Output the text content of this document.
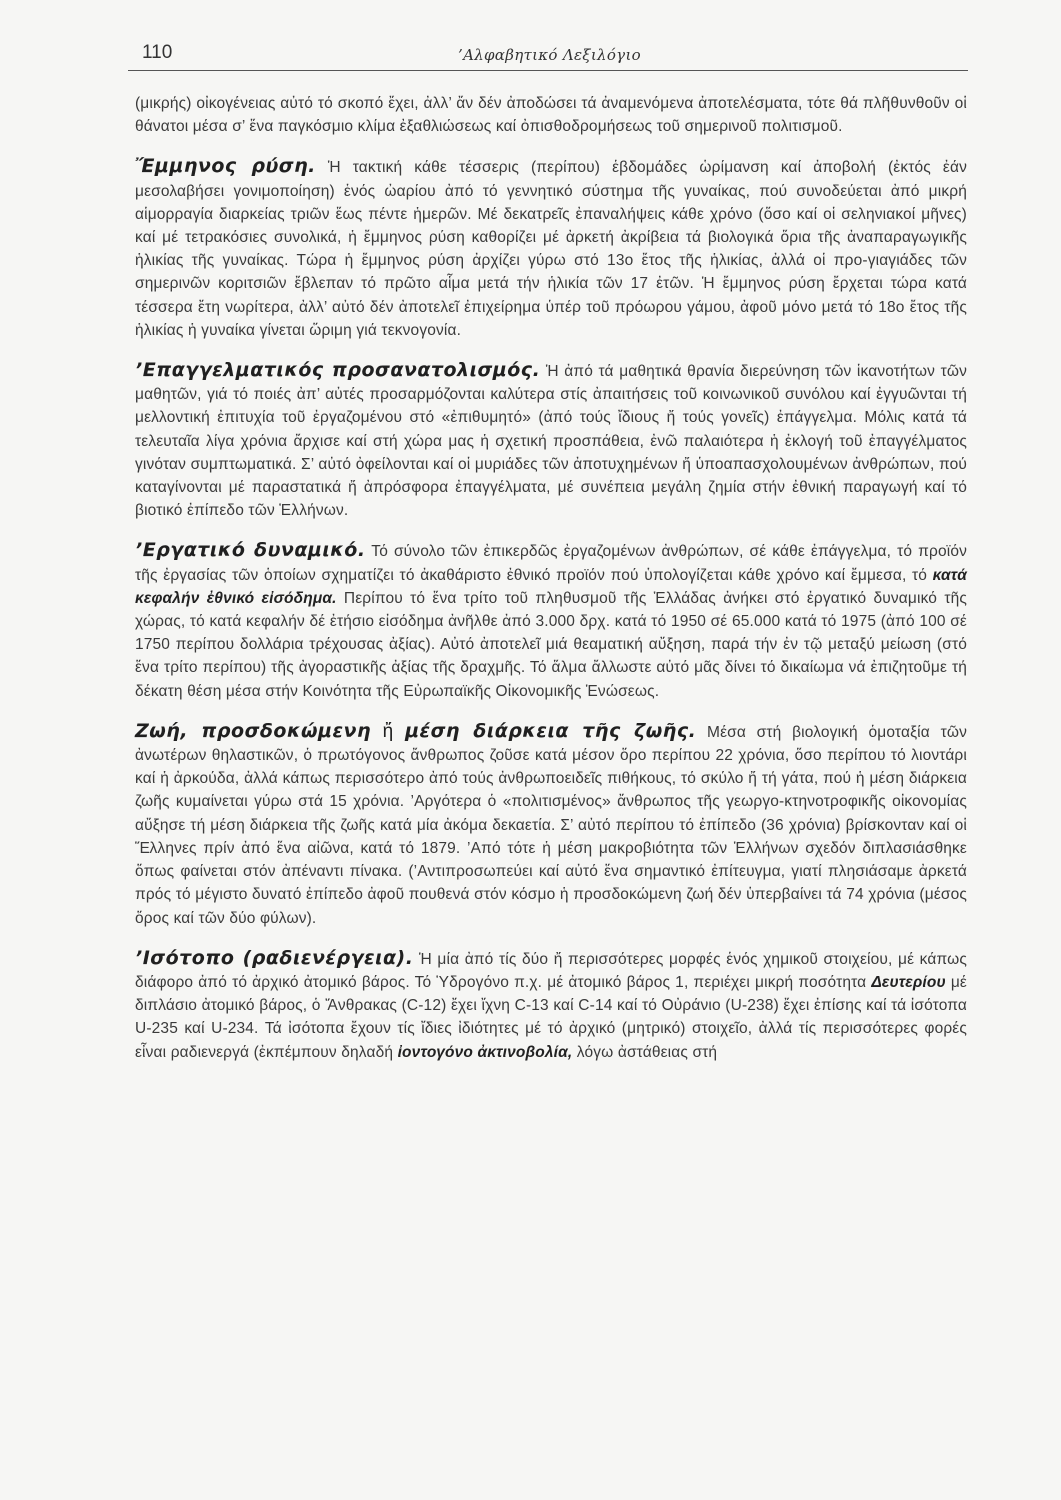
110	’Αλφαβητικό Λεξιλόγιο

(μικρής) οἰκογένειας αὐτό τό σκοπό ἔχει, ἀλλ’ ἄν δέν ἀποδώσει τά ἀναμενόμενα ἀποτελέσματα, τότε θά πλῆθυνθοῦν οἱ θάνατοι μέσα σ’ ἕνα παγκόσμιο κλίμα ἐξαθλιώσεως καί ὀπισθοδρομήσεως τοῦ σημερινοῦ πολιτισμοῦ.

Ἔμμηνος ρύση. Ἡ τακτική κάθε τέσσερις (περίπου) ἑβδομάδες ὡρίμανση καί ἀποβολή (ἐκτός ἐάν μεσολαβήσει γονιμοποίηση) ἑνός ὠαρίου ἀπό τό γεννητικό σύστημα τῆς γυναίκας, πού συνοδεύεται ἀπό μικρή αἱμορραγία διαρκείας τριῶν ἕως πέντε ἡμερῶν. Μέ δεκατρεῖς ἐπαναλήψεις κάθε χρόνο (ὅσο καί οἱ σεληνιακοί μῆνες) καί μέ τετρακόσιες συνολικά, ἡ ἔμμηνος ρύση καθορίζει μέ ἀρκετή ἀκρίβεια τά βιολογικά ὅρια τῆς ἀναπαραγωγικῆς ἡλικίας τῆς γυναίκας. Τώρα ἡ ἔμμηνος ρύση ἀρχίζει γύρω στό 13ο ἔτος τῆς ἡλικίας, ἀλλά οἱ προ-γιαγιάδες τῶν σημερινῶν κοριτσιῶν ἔβλεπαν τό πρῶτο αἷμα μετά τήν ἡλικία τῶν 17 ἐτῶν. Ἡ ἔμμηνος ρύση ἔρχεται τώρα κατά τέσσερα ἔτη νωρίτερα, ἀλλ’ αὐτό δέν ἀποτελεῖ ἐπιχείρημα ὑπέρ τοῦ πρόωρου γάμου, ἀφοῦ μόνο μετά τό 18ο ἔτος τῆς ἡλικίας ἡ γυναίκα γίνεται ὥριμη γιά τεκνογονία.

’Επαγγελματικός προσανατολισμός. Ἡ ἀπό τά μαθητικά θρανία διερεύνηση τῶν ἱκανοτήτων τῶν μαθητῶν, γιά τό ποιές ἀπ’ αὐτές προσαρμόζονται καλύτερα στίς ἀπαιτήσεις τοῦ κοινωνικοῦ συνόλου καί ἐγγυῶνται τή μελλοντική ἐπιτυχία τοῦ ἐργαζομένου στό «ἐπιθυμητό» (ἀπό τούς ἴδιους ἤ τούς γονεῖς) ἐπάγγελμα. Μόλις κατά τά τελευταῖα λίγα χρόνια ἄρχισε καί στή χώρα μας ἡ σχετική προσπάθεια, ἐνῶ παλαιότερα ἡ ἐκλογή τοῦ ἐπαγγέλματος γινόταν συμπτωματικά. Σ’ αὐτό ὀφείλονται καί οἱ μυριάδες τῶν ἀποτυχημένων ἤ ὑποαπασχολουμένων ἀνθρώπων, πού καταγίνονται μέ παραστατικά ἤ ἀπρόσφορα ἐπαγγέλματα, μέ συνέπεια μεγάλη ζημία στήν ἐθνική παραγωγή καί τό βιοτικό ἐπίπεδο τῶν Ἑλλήνων.

’Εργατικό δυναμικό. Τό σύνολο τῶν ἐπικερδῶς ἐργαζομένων ἀνθρώπων, σέ κάθε ἐπάγγελμα, τό προϊόν τῆς ἐργασίας τῶν ὁποίων σχηματίζει τό ἀκαθάριστο ἐθνικό προϊόν πού ὑπολογίζεται κάθε χρόνο καί ἔμμεσα, τό κατά κεφαλήν ἐθνικό εἰσόδημα. Περίπου τό ἕνα τρίτο τοῦ πληθυσμοῦ τῆς Ἑλλάδας ἀνήκει στό ἐργατικό δυναμικό τῆς χώρας, τό κατά κεφαλήν δέ ἐτήσιο εἰσόδημα ἀνῆλθε ἀπό 3.000 δρχ. κατά τό 1950 σέ 65.000 κατά τό 1975 (ἀπό 100 σέ 1750 περίπου δολλάρια τρέχουσας ἀξίας). Αὐτό ἀποτελεῖ μιά θεαματική αὔξηση, παρά τήν ἐν τῷ μεταξύ μείωση (στό ἕνα τρίτο περίπου) τῆς ἀγοραστικῆς ἀξίας τῆς δραχμῆς. Τό ἅλμα ἄλλωστε αὐτό μᾶς δίνει τό δικαίωμα νά ἐπιζητοῦμε τή δέκατη θέση μέσα στήν Κοινότητα τῆς Εὐρωπαϊκῆς Οἰκονομικῆς Ἑνώσεως.

Ζωή, προσδοκώμενη ἤ μέση διάρκεια τῆς ζωῆς. Μέσα στή βιολογική ὁμοταξία τῶν ἀνωτέρων θηλαστικῶν, ὁ πρωτόγονος ἄνθρωπος ζοῦσε κατά μέσον ὅρο περίπου 22 χρόνια, ὅσο περίπου τό λιοντάρι καί ἡ ἀρκούδα, ἀλλά κάπως περισσότερο ἀπό τούς ἀνθρωποειδεῖς πιθήκους, τό σκύλο ἤ τή γάτα, πού ἡ μέση διάρκεια ζωῆς κυμαίνεται γύρω στά 15 χρόνια. ’Αργότερα ὁ «πολιτισμένος» ἄνθρωπος τῆς γεωργο-κτηνοτροφικῆς οἰκονομίας αὔξησε τή μέση διάρκεια τῆς ζωῆς κατά μία ἀκόμα δεκαετία. Σ’ αὐτό περίπου τό ἐπίπεδο (36 χρόνια) βρίσκονταν καί οἱ Ἕλληνες πρίν ἀπό ἕνα αἰῶνα, κατά τό 1879. ’Από τότε ἡ μέση μακροβιότητα τῶν Ἑλλήνων σχεδόν διπλασιάσθηκε ὅπως φαίνεται στόν ἀπέναντι πίνακα. (’Αντιπροσωπεύει καί αὐτό ἕνα σημαντικό ἐπίτευγμα, γιατί πλησιάσαμε ἀρκετά πρός τό μέγιστο δυνατό ἐπίπεδο ἀφοῦ πουθενά στόν κόσμο ἡ προσδοκώμενη ζωή δέν ὑπερβαίνει τά 74 χρόνια (μέσος ὅρος καί τῶν δύο φύλων).

’Ισότοπο (ραδιενέργεια). Ἡ μία ἀπό τίς δύο ἤ περισσότερες μορφές ἑνός χημικοῦ στοιχείου, μέ κάπως διάφορο ἀπό τό ἀρχικό ἀτομικό βάρος. Τό Ὑδρογόνο π.χ. μέ ἀτομικό βάρος 1, περιέχει μικρή ποσότητα Δευτερίου μέ διπλάσιο ἀτομικό βάρος, ὁ Ἄνθρακας (C-12) ἔχει ἴχνη C-13 καί C-14 καί τό Οὐράνιο (U-238) ἔχει ἐπίσης καί τά ἰσότοπα U-235 καί U-234. Τά ἰσότοπα ἔχουν τίς ἴδιες ἰδιότητες μέ τό ἀρχικό (μητρικό) στοιχεῖο, ἀλλά τίς περισσότερες φορές εἶναι ραδιενεργά (ἐκπέμπουν δηλαδή ἰοντογόνο ἀκτινοβολία, λόγω ἀστάθειας στή
